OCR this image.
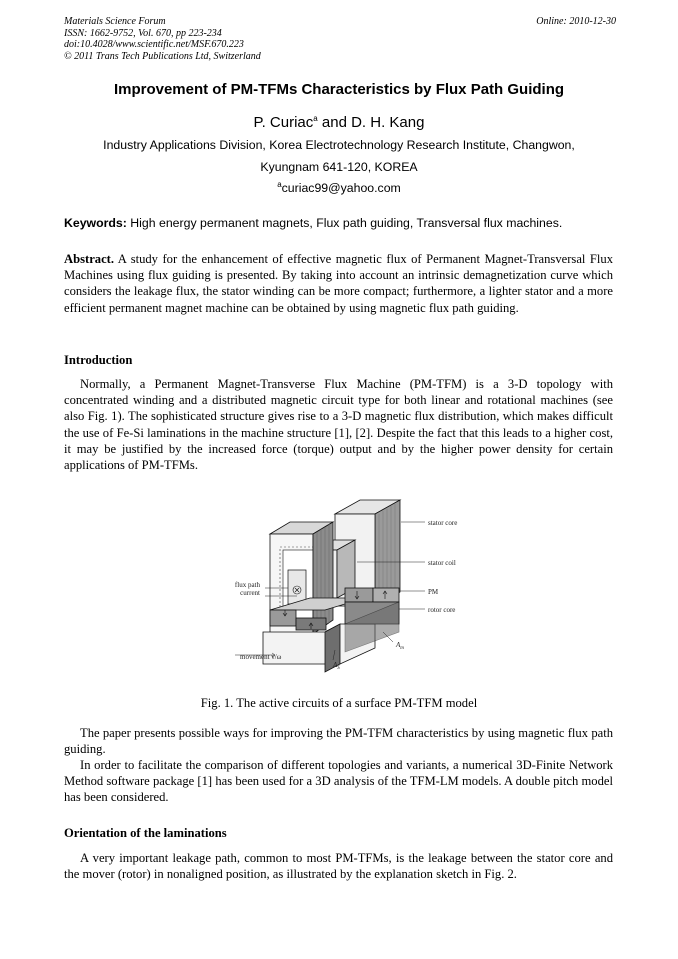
Materials Science Forum
ISSN: 1662-9752, Vol. 670, pp 223-234
doi:10.4028/www.scientific.net/MSF.670.223
© 2011 Trans Tech Publications Ltd, Switzerland
Online: 2010-12-30
Improvement of PM-TFMs Characteristics by Flux Path Guiding
P. Curiac$^a$ and D. H. Kang
Industry Applications Division, Korea Electrotechnology Research Institute, Changwon,
Kyungnam 641-120, KOREA
$^a$curiac99@yahoo.com
Keywords: High energy permanent magnets, Flux path guiding, Transversal flux machines.
Abstract. A study for the enhancement of effective magnetic flux of Permanent Magnet-Transversal Flux Machines using flux guiding is presented. By taking into account an intrinsic demagnetization curve which considers the leakage flux, the stator winding can be more compact; furthermore, a lighter stator and a more efficient permanent magnet machine can be obtained by using magnetic flux path guiding.
Introduction
Normally, a Permanent Magnet-Transverse Flux Machine (PM-TFM) is a 3-D topology with concentrated winding and a distributed magnetic circuit type for both linear and rotational machines (see also Fig. 1). The sophisticated structure gives rise to a 3-D magnetic flux distribution, which makes difficult the use of Fe-Si laminations in the machine structure [1], [2]. Despite the fact that this leads to a higher cost, it may be justified by the increased force (torque) output and by the higher power density for certain applications of PM-TFMs.
stator core
stator coil
PM
rotor core
flux path
current
movement v/ω
$A_m$
$A_S$
Fig. 1. The active circuits of a surface PM-TFM model
The paper presents possible ways for improving the PM-TFM characteristics by using magnetic flux path guiding.
In order to facilitate the comparison of different topologies and variants, a numerical 3D-Finite Network Method software package [1] has been used for a 3D analysis of the TFM-LM models. A double pitch model has been considered.
Orientation of the laminations
A very important leakage path, common to most PM-TFMs, is the leakage between the stator core and the mover (rotor) in nonaligned position, as illustrated by the explanation sketch in Fig. 2.
